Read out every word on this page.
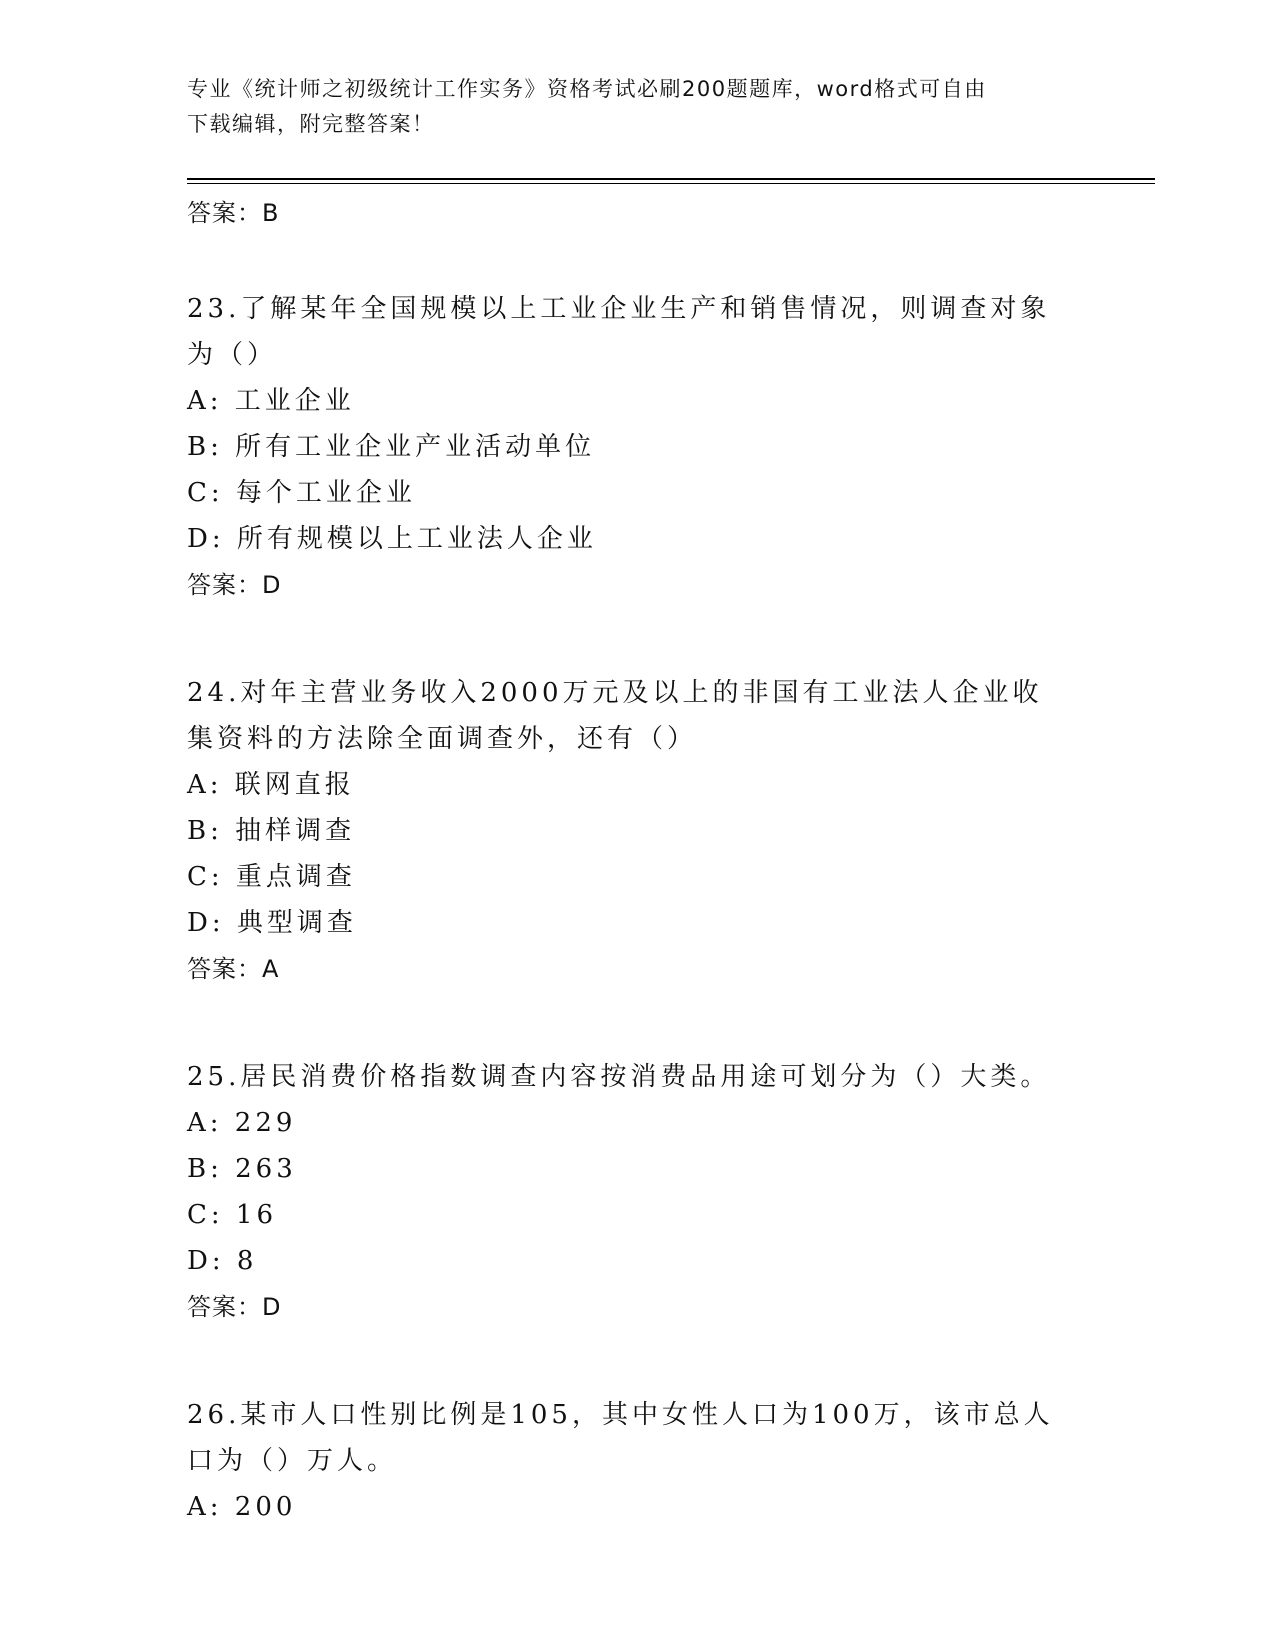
专业《统计师之初级统计工作实务》资格考试必刷200题题库，word格式可自由
下载编辑，附完整答案！
答案：B
23.了解某年全国规模以上工业企业生产和销售情况，则调查对象为（）
A: 工业企业
B: 所有工业企业产业活动单位
C: 每个工业企业
D: 所有规模以上工业法人企业
答案：D
24.对年主营业务收入2000万元及以上的非国有工业法人企业收集资料的方法除全面调查外，还有（）
A: 联网直报
B: 抽样调查
C: 重点调查
D: 典型调查
答案：A
25.居民消费价格指数调查内容按消费品用途可划分为（）大类。
A: 229
B: 263
C: 16
D: 8
答案：D
26.某市人口性别比例是105，其中女性人口为100万，该市总人口为（）万人。
A: 200
